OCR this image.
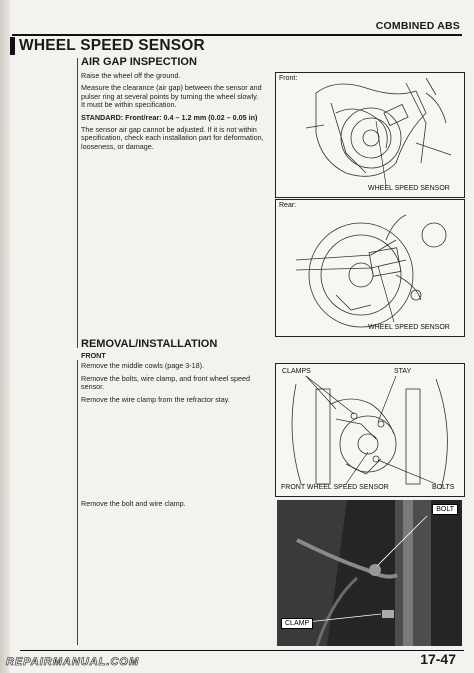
COMBINED ABS
WHEEL SPEED SENSOR
AIR GAP INSPECTION

Raise the wheel off the ground.

Measure the clearance (air gap) between the sensor and pulser ring at several points by turning the wheel slowly.

It must be within specification.

STANDARD: Front/rear: 0.4 – 1.2 mm (0.02 – 0.05 in)

The sensor air gap cannot be adjusted. If it is not within specification, check each installation part for deformation, looseness, or damage.

Front:
WHEEL SPEED SENSOR
Rear:
WHEEL SPEED SENSOR
REMOVAL/INSTALLATION

FRONT

Remove the middle cowls (page 3-18).

Remove the bolts, wire clamp, and front wheel speed sensor.

Remove the wire clamp from the refractor stay.

CLAMPS	STAY
FRONT WHEEL SPEED SENSOR	BOLTS

Remove the bolt and wire clamp.

BOLT
CLAMP
17-47
REPAIRMANUAL.COM
